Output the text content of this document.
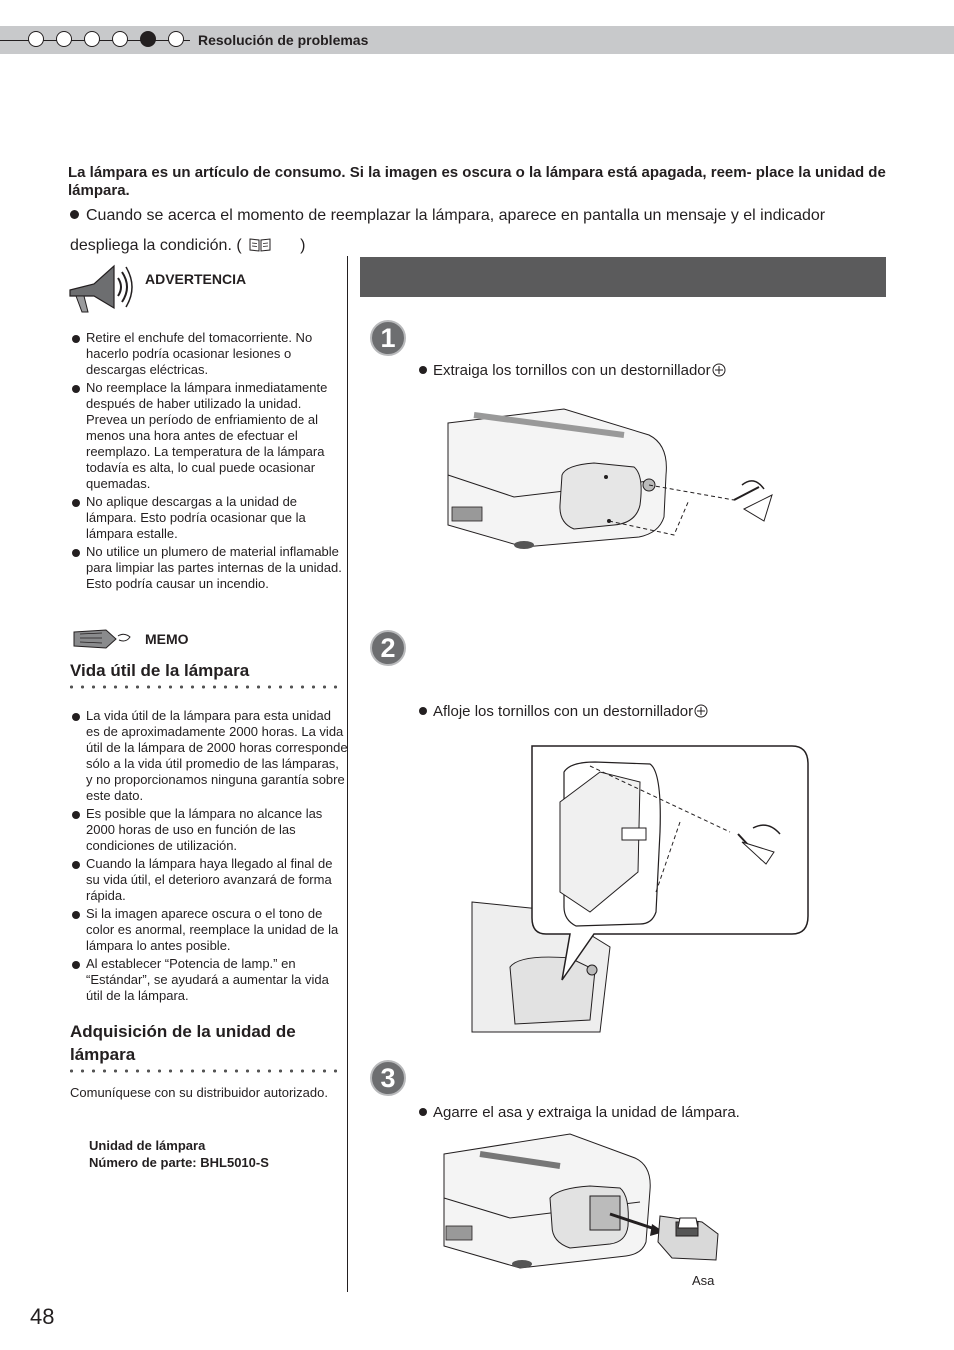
Resolución de problemas
La lámpara es un artículo de consumo. Si la imagen es oscura o la lámpara está apagada, reem- place la unidad de lámpara.
Cuando se acerca el momento de reemplazar la lámpara, aparece en pantalla un mensaje y el indicador despliega la condición. (	)
ADVERTENCIA
Retire el enchufe del tomacorriente. No hacerlo podría ocasionar lesiones o descargas eléctricas.
No reemplace la lámpara inmediatamente después de haber utilizado la unidad. Prevea un período de enfriamiento de al menos una hora antes de efectuar el reemplazo. La temperatura de la lámpara todavía es alta, lo cual puede ocasionar quemadas.
No aplique descargas a la unidad de lámpara. Esto podría ocasionar que la lámpara estalle.
No utilice un plumero de material inflamable para limpiar las partes internas de la unidad. Esto podría causar un incendio.
MEMO
Vida útil de la lámpara
La vida útil de la lámpara para esta unidad es de aproximadamente 2000 horas. La vida útil de la lámpara de 2000 horas corresponde sólo a la vida útil promedio de las lámparas, y no proporcionamos ninguna garantía sobre este dato.
Es posible que la lámpara no alcance las 2000 horas de uso en función de las condiciones de utilización.
Cuando la lámpara haya llegado al final de su vida útil, el deterioro avanzará de forma rápida.
Si la imagen aparece oscura o el tono de color es anormal, reemplace la unidad de la lámpara lo antes posible.
Al establecer “Potencia de lamp.” en “Estándar”, se ayudará a aumentar la vida útil de la lámpara.
Adquisición de la unidad de lámpara
Comuníquese con su distribuidor autorizado.
Unidad de lámpara
Número de parte: BHL5010-S
1
Extraiga los tornillos con un destornillador
2
Afloje los tornillos con un destornillador
3
Agarre el asa y extraiga la unidad de lámpara.
Asa
48
